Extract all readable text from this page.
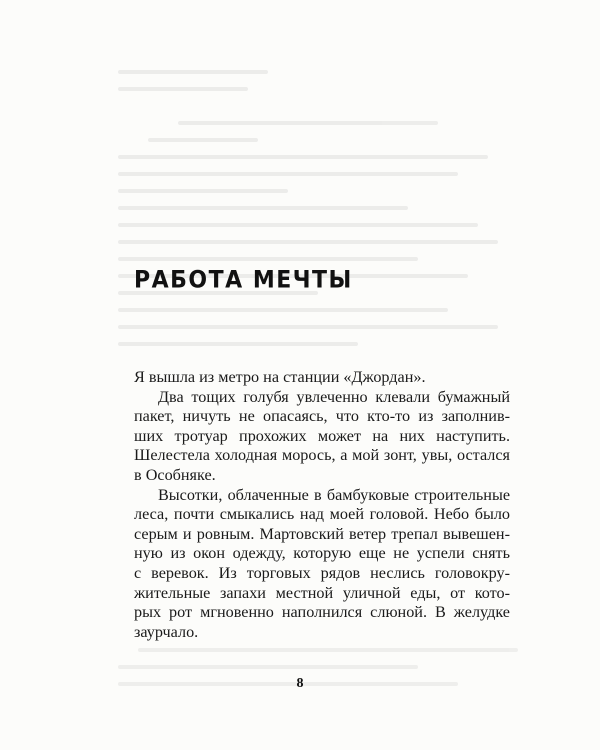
РАБОТА МЕЧТЫ
Я вышла из метро на станции «Джордан».
Два тощих голубя увлеченно клевали бумажный
пакет, ничуть не опасаясь, что кто-то из заполнив-
ших тротуар прохожих может на них наступить.
Шелестела холодная морось, а мой зонт, увы, остался
в Особняке.
Высотки, облаченные в бамбуковые строительные
леса, почти смыкались над моей головой. Небо было
серым и ровным. Мартовский ветер трепал вывешен-
ную из окон одежду, которую еще не успели снять
с веревок. Из торговых рядов неслись головокру-
жительные запахи местной уличной еды, от кото-
рых рот мгновенно наполнился слюной. В желудке
заурчало.
8
